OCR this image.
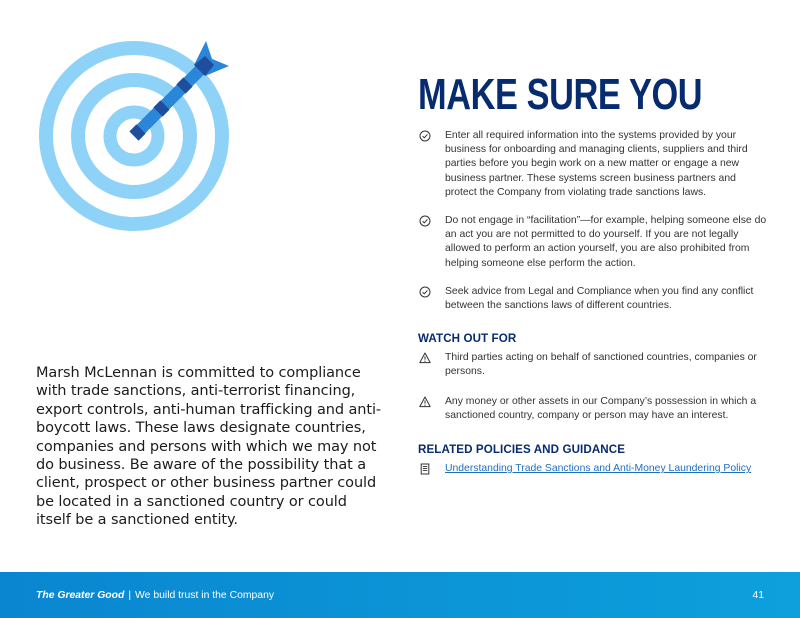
Marsh McLennan is committed to compliance with trade sanctions, anti-terrorist financing, export controls, anti-human trafficking and anti-boycott laws. These laws designate countries, companies and persons with which we may not do business. Be aware of the possibility that a client, prospect or other business partner could be located in a sanctioned country or could itself be a sanctioned entity.

MAKE SURE YOU
Enter all required information into the systems provided by your business for onboarding and managing clients, suppliers and third parties before you begin work on a new matter or engage a new business partner. These systems screen business partners and protect the Company from violating trade sanctions laws.
Do not engage in “facilitation”—for example, helping someone else do an act you are not permitted to do yourself. If you are not legally allowed to perform an action yourself, you are also prohibited from helping someone else perform the action.
Seek advice from Legal and Compliance when you find any conflict between the sanctions laws of different countries.
WATCH OUT FOR
Third parties acting on behalf of sanctioned countries, companies or persons.
Any money or other assets in our Company’s possession in which a sanctioned country, company or person may have an interest.
RELATED POLICIES AND GUIDANCE
Understanding Trade Sanctions and Anti-Money Laundering Policy
The Greater Good | We build trust in the Company	41
